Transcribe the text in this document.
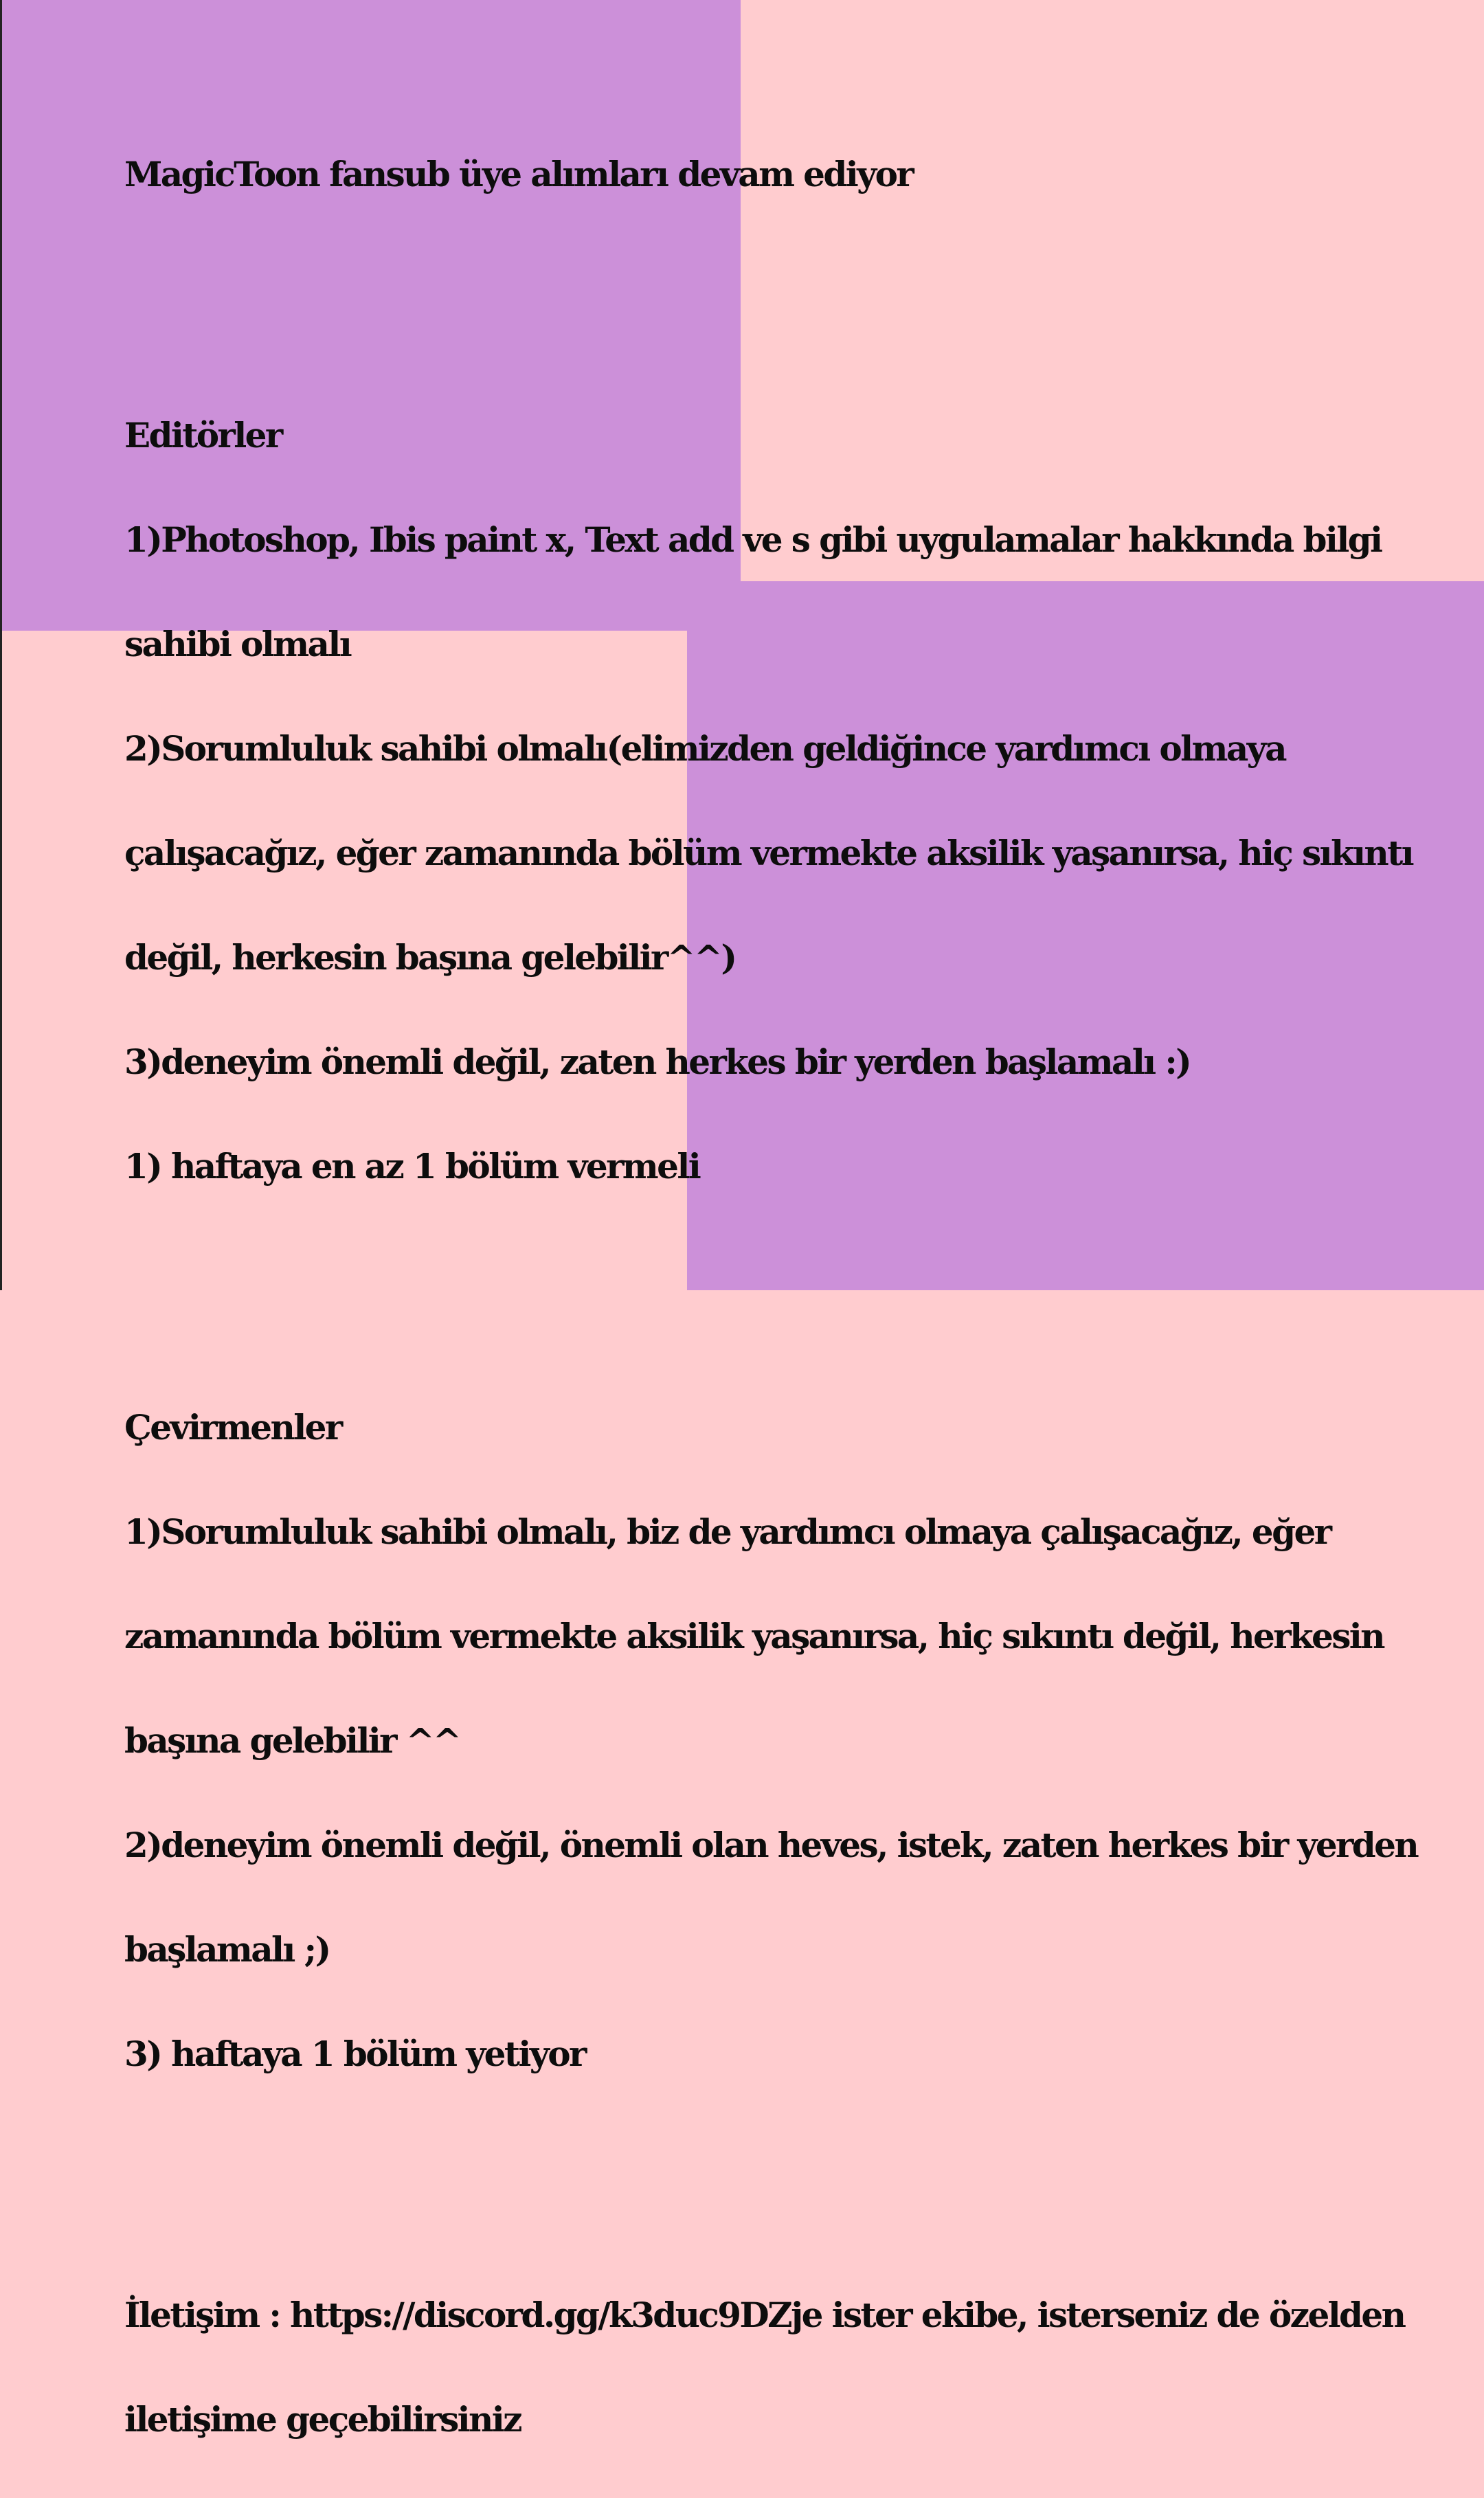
MagicToon fansub üye alımları devam ediyor

Editörler

1)Photoshop, Ibis paint x, Text add ve s gibi uygulamalar hakkında bilgi

sahibi olmalı

2)Sorumluluk sahibi olmalı(elimizden geldiğince yardımcı olmaya

çalışacağız, eğer zamanında bölüm vermekte aksilik yaşanırsa, hiç sıkıntı

değil, herkesin başına gelebilir^^)

3)deneyim önemli değil, zaten herkes bir yerden başlamalı :)

1) haftaya en az 1 bölüm vermeli

Çevirmenler

1)Sorumluluk sahibi olmalı, biz de yardımcı olmaya çalışacağız, eğer

zamanında bölüm vermekte aksilik yaşanırsa, hiç sıkıntı değil, herkesin

başına gelebilir ^^

2)deneyim önemli değil, önemli olan heves, istek, zaten herkes bir yerden

başlamalı ;)

3) haftaya 1 bölüm yetiyor

İletişim : https://discord.gg/k3duc9DZje ister ekibe, isterseniz de özelden

iletişime geçebilirsiniz
